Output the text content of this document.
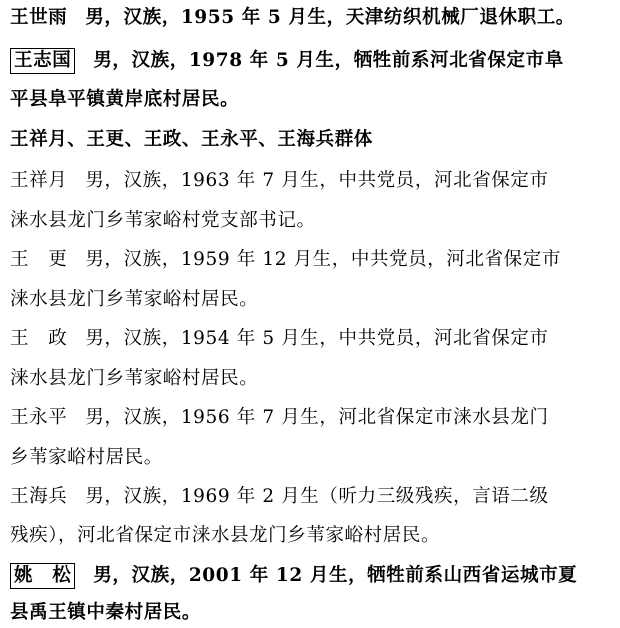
王世雨 男，汉族，1955 年 5 月生，天津纺织机械厂退休职工。
王志国 男，汉族，1978 年 5 月生，牺牲前系河北省保定市阜
平县阜平镇黄岸底村居民。
王祥月、王更、王政、王永平、王海兵群体
王祥月 男，汉族，1963 年 7 月生，中共党员，河北省保定市
涞水县龙门乡苇家峪村党支部书记。
王　更 男，汉族，1959 年 12 月生，中共党员，河北省保定市
涞水县龙门乡苇家峪村居民。
王　政 男，汉族，1954 年 5 月生，中共党员，河北省保定市
涞水县龙门乡苇家峪村居民。
王永平 男，汉族，1956 年 7 月生，河北省保定市涞水县龙门
乡苇家峪村居民。
王海兵 男，汉族，1969 年 2 月生（听力三级残疾，言语二级
残疾），河北省保定市涞水县龙门乡苇家峪村居民。
姚　松 男，汉族，2001 年 12 月生，牺牲前系山西省运城市夏
县禹王镇中秦村居民。
